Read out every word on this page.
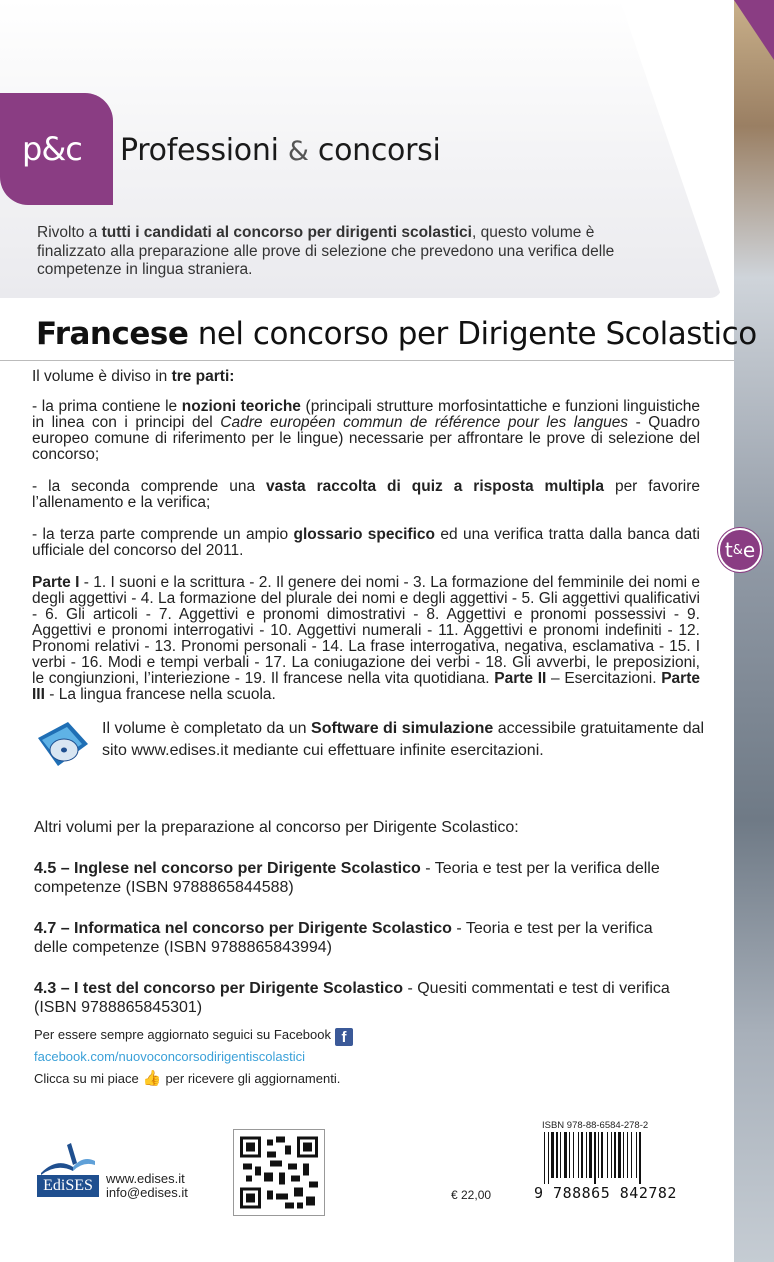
p&c Professioni & concorsi
Rivolto a tutti i candidati al concorso per dirigenti scolastici, questo volume è finalizzato alla preparazione alle prove di selezione che prevedono una verifica delle competenze in lingua straniera.
Francese nel concorso per Dirigente Scolastico

Il volume è diviso in tre parti:

- la prima contiene le nozioni teoriche (principali strutture morfosintattiche e funzioni linguistiche in linea con i principi del Cadre européen commun de référence pour les langues - Quadro europeo comune di riferimento per le lingue) necessarie per affrontare le prove di selezione del concorso;

- la seconda comprende una vasta raccolta di quiz a risposta multipla per favorire l’allenamento e la verifica;

- la terza parte comprende un ampio glossario specifico ed una verifica tratta dalla banca dati ufficiale del concorso del 2011.

Parte I - 1. I suoni e la scrittura - 2. Il genere dei nomi - 3. La formazione del femminile dei nomi e degli aggettivi - 4. La formazione del plurale dei nomi e degli aggettivi - 5. Gli aggettivi qualificativi - 6. Gli articoli - 7. Aggettivi e pronomi dimostrativi - 8. Aggettivi e pronomi possessivi - 9. Aggettivi e pronomi interrogativi - 10. Aggettivi numerali - 11. Aggettivi e pronomi indefiniti - 12. Pronomi relativi - 13. Pronomi personali - 14. La frase interrogativa, negativa, esclamativa - 15. I verbi - 16. Modi e tempi verbali - 17. La coniugazione dei verbi - 18. Gli avverbi, le preposizioni, le congiunzioni, l’interiezione - 19. Il francese nella vita quotidiana. Parte II – Esercitazioni. Parte III - La lingua francese nella scuola.

t & e
Il volume è completato da un Software di simulazione accessibile gratuitamente dal sito www.edises.it mediante cui effettuare infinite esercitazioni.
Altri volumi per la preparazione al concorso per Dirigente Scolastico:
4.5 – Inglese nel concorso per Dirigente Scolastico - Teoria e test per la verifica delle competenze (ISBN 9788865844588)
4.7 – Informatica nel concorso per Dirigente Scolastico - Teoria e test per la verifica delle competenze (ISBN 9788865843994)
4.3 – I test del concorso per Dirigente Scolastico - Quesiti commentati e test di verifica (ISBN 9788865845301)
Per essere sempre aggiornato seguici su Facebook f
facebook.com/nuovoconcorsodirigentiscolastici
Clicca su mi piace 👍 per ricevere gli aggiornamenti.
EdiSES	www.edises.it
info@edises.it	€ 22,00
ISBN 978-88-6584-278-2
9 788865 842782
